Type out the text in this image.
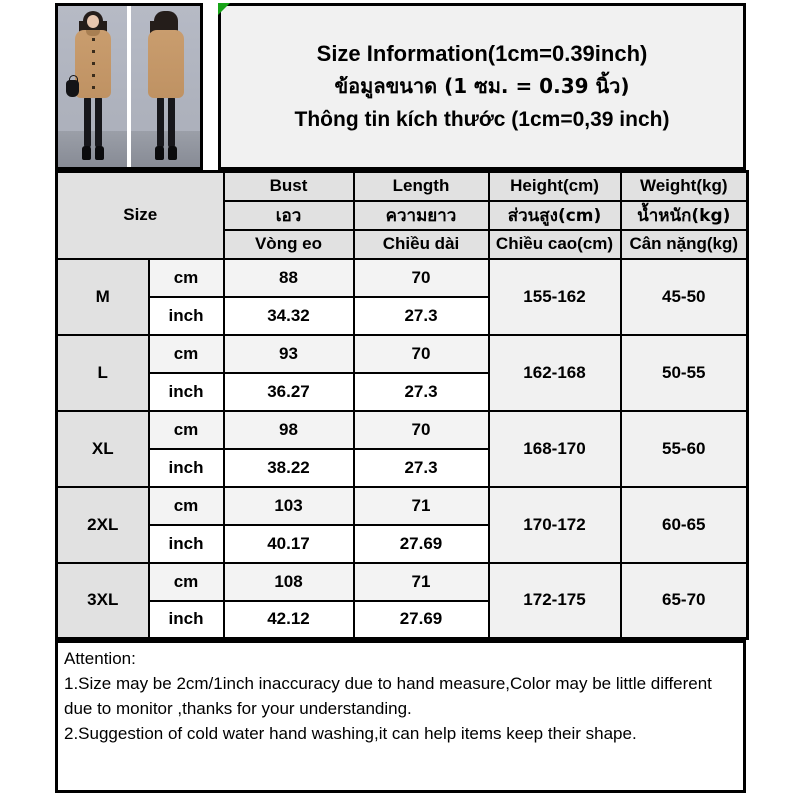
Size Information(1cm=0.39inch)
ข้อมูลขนาด (1 ซม. = 0.39 นิ้ว)
Thông tin kích thước (1cm=0,39 inch)
Size		Bust	Length	Height(cm)	Weight(kg)
		เอว	ความยาว	ส่วนสูง(cm)	น้ำหนัก(kg)
		Vòng eo	Chiều dài	Chiều cao(cm)	Cân nặng(kg)
M	cm	88	70	155-162	45-50
	inch	34.32	27.3		
L	cm	93	70	162-168	50-55
	inch	36.27	27.3		
XL	cm	98	70	168-170	55-60
	inch	38.22	27.3		
2XL	cm	103	71	170-172	60-65
	inch	40.17	27.69		
3XL	cm	108	71	172-175	65-70
	inch	42.12	27.69		
Attention:
1.Size may be 2cm/1inch inaccuracy due to hand measure,Color may be little different due to monitor ,thanks for your understanding.
2.Suggestion of cold water hand washing,it can help items keep their shape.
